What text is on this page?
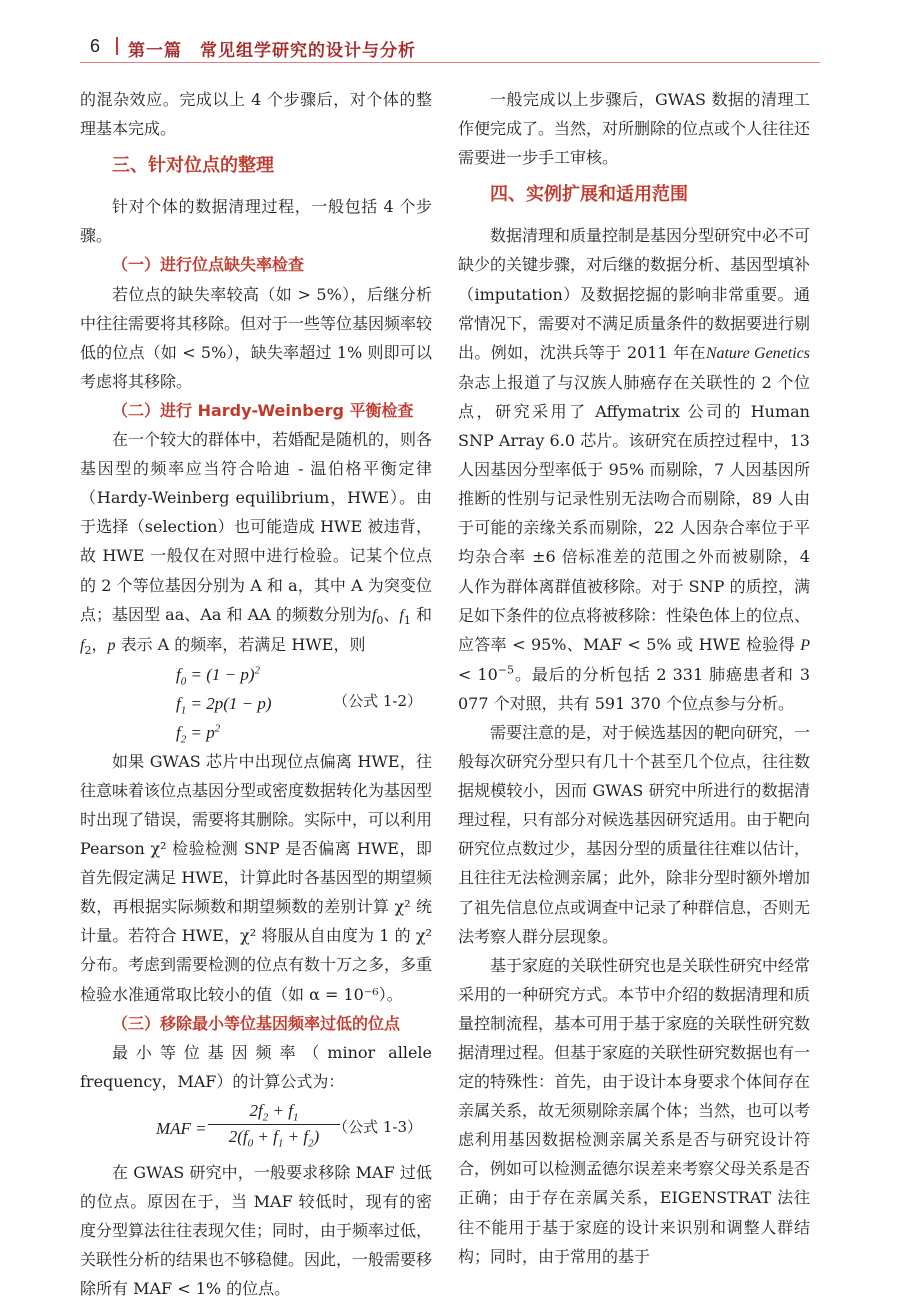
6 第一篇　常见组学研究的设计与分析

的混杂效应。完成以上 4 个步骤后，对个体的整理基本完成。

三、针对位点的整理

针对个体的数据清理过程，一般包括 4 个步骤。

（一）进行位点缺失率检查

若位点的缺失率较高（如 > 5%），后继分析中往往需要将其移除。但对于一些等位基因频率较低的位点（如 < 5%），缺失率超过 1% 则即可以考虑将其移除。

（二）进行 Hardy-Weinberg 平衡检查

在一个较大的群体中，若婚配是随机的，则各基因型的频率应当符合哈迪 - 温伯格平衡定律（Hardy-Weinberg equilibrium，HWE）。由于选择（selection）也可能造成 HWE 被违背，故 HWE 一般仅在对照中进行检验。记某个位点的 2 个等位基因分别为 A 和 a，其中 A 为突变位点；基因型 aa、Aa 和 AA 的频数分别为$f_0$、$f_1$ 和 $f_2$，p 表示 A 的频率，若满足 HWE，则

$f_0 = (1 - p)^2$
$f_1 = 2p(1 - p)$
$f_2 = p^2$
（公式 1-2）

如果 GWAS 芯片中出现位点偏离 HWE，往往意味着该位点基因分型或密度数据转化为基因型时出现了错误，需要将其删除。实际中，可以利用 Pearson χ² 检验检测 SNP 是否偏离 HWE，即首先假定满足 HWE，计算此时各基因型的期望频数，再根据实际频数和期望频数的差别计算 χ² 统计量。若符合 HWE，χ² 将服从自由度为 1 的 χ² 分布。考虑到需要检测的位点有数十万之多，多重检验水准通常取比较小的值（如 α = 10⁻⁶）。

（三）移除最小等位基因频率过低的位点

最小等位基因频率（minor allele frequency，MAF）的计算公式为：

MAF = $\frac{2f_2 + f_1}{2(f_0 + f_1 + f_2)}$
（公式 1-3）

在 GWAS 研究中，一般要求移除 MAF 过低的位点。原因在于，当 MAF 较低时，现有的密度分型算法往往表现欠佳；同时，由于频率过低，关联性分析的结果也不够稳健。因此，一般需要移除所有 MAF < 1% 的位点。

一般完成以上步骤后，GWAS 数据的清理工作便完成了。当然，对所删除的位点或个人往往还需要进一步手工审核。

四、实例扩展和适用范围

数据清理和质量控制是基因分型研究中必不可缺少的关键步骤，对后继的数据分析、基因型填补（imputation）及数据挖掘的影响非常重要。通常情况下，需要对不满足质量条件的数据要进行剔出。例如，沈洪兵等于 2011 年在Nature Genetics杂志上报道了与汉族人肺癌存在关联性的 2 个位点，研究采用了 Affymatrix 公司的 Human SNP Array 6.0 芯片。该研究在质控过程中，13 人因基因分型率低于 95% 而剔除，7 人因基因所推断的性别与记录性别无法吻合而剔除，89 人由于可能的亲缘关系而剔除，22 人因杂合率位于平均杂合率 ±6 倍标准差的范围之外而被剔除，4 人作为群体离群值被移除。对于 SNP 的质控，满足如下条件的位点将被移除：性染色体上的位点、应答率 < 95%、MAF < 5% 或 HWE 检验得 $P < 10^{-5}$。最后的分析包括 2 331 肺癌患者和 3 077 个对照，共有 591 370 个位点参与分析。

需要注意的是，对于候选基因的靶向研究，一般每次研究分型只有几十个甚至几个位点，往往数据规模较小，因而 GWAS 研究中所进行的数据清理过程，只有部分对候选基因研究适用。由于靶向研究位点数过少，基因分型的质量往往难以估计，且往往无法检测亲属；此外，除非分型时额外增加了祖先信息位点或调查中记录了种群信息，否则无法考察人群分层现象。

基于家庭的关联性研究也是关联性研究中经常采用的一种研究方式。本节中介绍的数据清理和质量控制流程，基本可用于基于家庭的关联性研究数据清理过程。但基于家庭的关联性研究数据也有一定的特殊性：首先，由于设计本身要求个体间存在亲属关系，故无须剔除亲属个体；当然，也可以考虑利用基因数据检测亲属关系是否与研究设计符合，例如可以检测孟德尔误差来考察父母关系是否正确；由于存在亲属关系，EIGENSTRAT 法往往不能用于基于家庭的设计来识别和调整人群结构；同时，由于常用的基于
